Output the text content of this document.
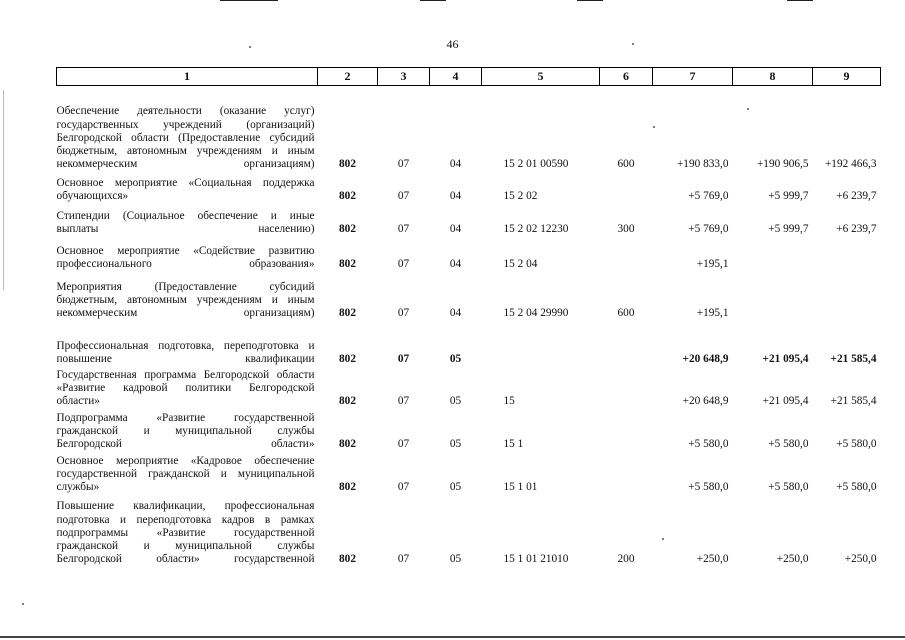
46
1	2	3	4	5	6	7	8	9
Обеспечение деятельности (оказание услуг) государственных учреждений (организаций) Белгородской области (Предоставление субсидий бюджетным, автономным учреждениям и иным некоммерческим организациям)	802	07	04	15 2 01 00590	600	+190 833,0	+190 906,5	+192 466,3
Основное мероприятие «Социальная поддержка обучающихся»	802	07	04	15 2 02		+5 769,0	+5 999,7	+6 239,7
Стипендии (Социальное обеспечение и иные выплаты населению)	802	07	04	15 2 02 12230	300	+5 769,0	+5 999,7	+6 239,7
Основное мероприятие «Содействие развитию профессионального образования»	802	07	04	15 2 04		+195,1		
Мероприятия (Предоставление субсидий бюджетным, автономным учреждениям и иным некоммерческим организациям)	802	07	04	15 2 04 29990	600	+195,1		
Профессиональная подготовка, переподготовка и повышение квалификации	802	07	05			+20 648,9	+21 095,4	+21 585,4
Государственная программа Белгородской области «Развитие кадровой политики Белгородской области»	802	07	05	15		+20 648,9	+21 095,4	+21 585,4
Подпрограмма «Развитие государственной гражданской и муниципальной службы Белгородской области»	802	07	05	15 1		+5 580,0	+5 580,0	+5 580,0
Основное мероприятие «Кадровое обеспечение государственной гражданской и муниципальной службы»	802	07	05	15 1 01		+5 580,0	+5 580,0	+5 580,0
Повышение квалификации, профессиональная подготовка и переподготовка кадров в рамках подпрограммы «Развитие государственной гражданской и муниципальной службы Белгородской области» государственной	802	07	05	15 1 01 21010	200	+250,0	+250,0	+250,0
